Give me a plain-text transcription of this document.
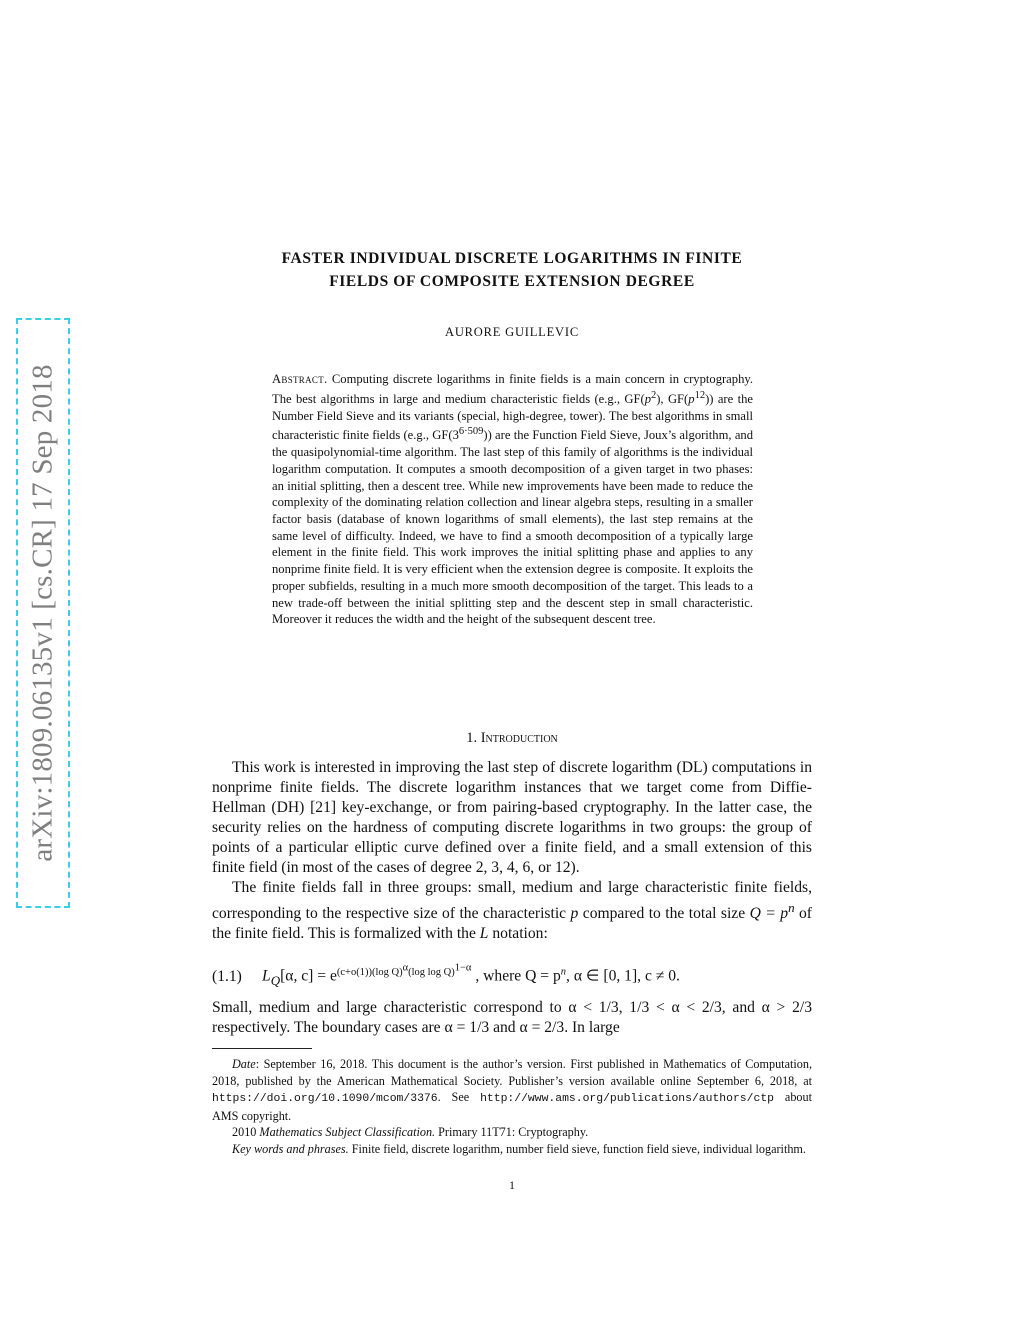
arXiv:1809.06135v1 [cs.CR] 17 Sep 2018
FASTER INDIVIDUAL DISCRETE LOGARITHMS IN FINITE
FIELDS OF COMPOSITE EXTENSION DEGREE
AURORE GUILLEVIC
Abstract. Computing discrete logarithms in finite fields is a main concern in cryptography. The best algorithms in large and medium characteristic fields (e.g., $GF(p^2)$, $GF(p^{12})$) are the Number Field Sieve and its variants (special, high-degree, tower). The best algorithms in small characteristic finite fields (e.g., $GF(3^{6\cdot 509})$) are the Function Field Sieve, Joux’s algorithm, and the quasipolynomial-time algorithm. The last step of this family of algorithms is the individual logarithm computation. It computes a smooth decomposition of a given target in two phases: an initial splitting, then a descent tree. While new improvements have been made to reduce the complexity of the dominating relation collection and linear algebra steps, resulting in a smaller factor basis (database of known logarithms of small elements), the last step remains at the same level of difficulty. Indeed, we have to find a smooth decomposition of a typically large element in the finite field. This work improves the initial splitting phase and applies to any nonprime finite field. It is very efficient when the extension degree is composite. It exploits the proper subfields, resulting in a much more smooth decomposition of the target. This leads to a new trade-off between the initial splitting step and the descent step in small characteristic. Moreover it reduces the width and the height of the subsequent descent tree.
1. Introduction

This work is interested in improving the last step of discrete logarithm (DL) computations in nonprime finite fields. The discrete logarithm instances that we target come from Diffie-Hellman (DH) [21] key-exchange, or from pairing-based cryptography. In the latter case, the security relies on the hardness of computing discrete logarithms in two groups: the group of points of a particular elliptic curve defined over a finite field, and a small extension of this finite field (in most of the cases of degree 2, 3, 4, 6, or 12).

The finite fields fall in three groups: small, medium and large characteristic finite fields, corresponding to the respective size of the characteristic p compared to the total size $Q = p^n$ of the finite field. This is formalized with the L notation:

(1.1) $L_Q[\alpha$, $c] = e^{(c+o(1))(log Q)^\alpha(log log Q)^{1-\alpha}}$ , where $Q = p^n$, α ∈ [0, 1], c ≠ 0.
Small, medium and large characteristic correspond to α < 1/3, 1/3 < α < 2/3, and α > 2/3 respectively. The boundary cases are α = 1/3 and α = 2/3. In large

Date: September 16, 2018. This document is the author’s version. First published in Mathematics of Computation, 2018, published by the American Mathematical Society. Publisher’s version available online September 6, 2018, at https://doi.org/10.1090/mcom/3376. See http://www.ams.org/publications/authors/ctp about AMS copyright.

2010 Mathematics Subject Classification. Primary 11T71: Cryptography.

Key words and phrases. Finite field, discrete logarithm, number field sieve, function field sieve, individual logarithm.

1
